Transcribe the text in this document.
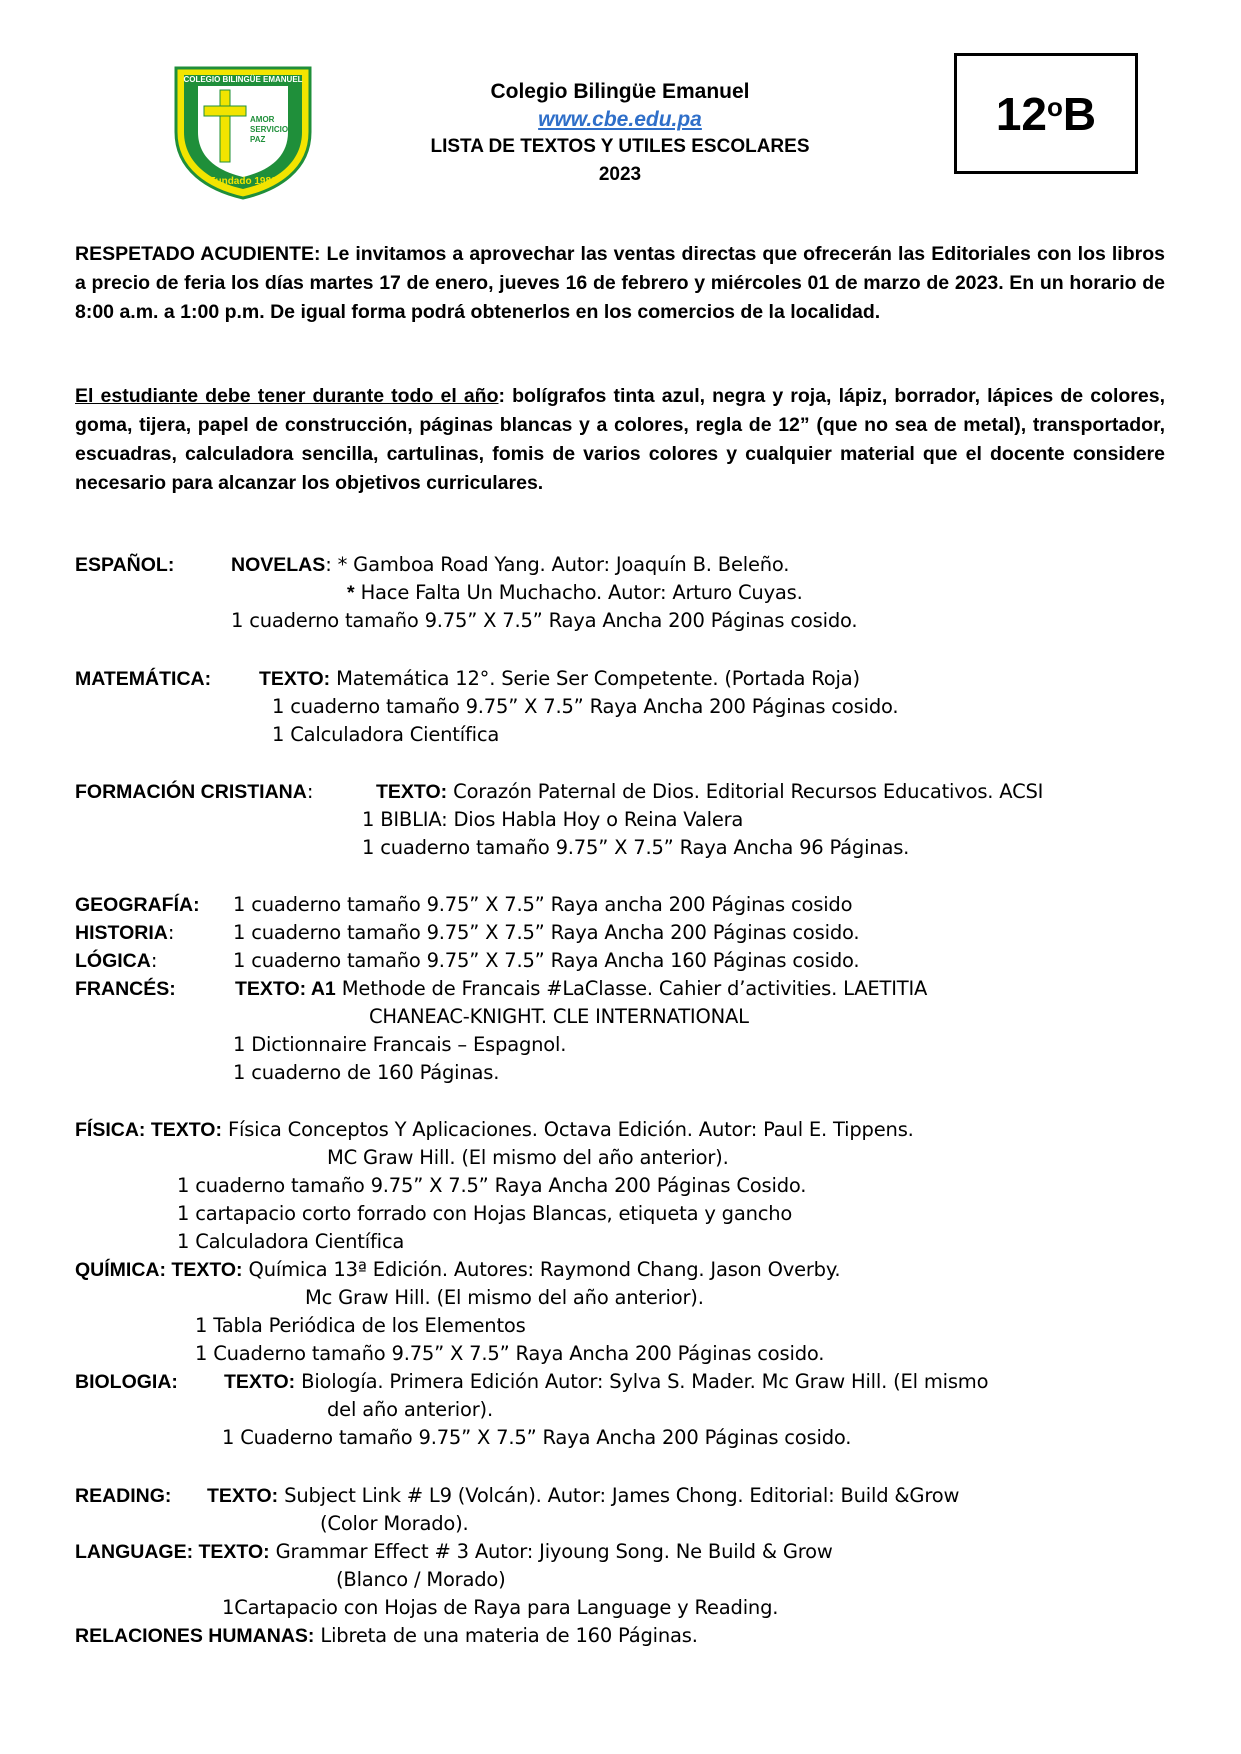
COLEGIO BILINGÜE EMANUEL
AMOR
SERVICIO
PAZ
Fundado 1986
Colegio Bilingüe Emanuel
www.cbe.edu.pa
LISTA DE TEXTOS Y UTILES ESCOLARES
2023
12$^o$ B
RESPETADO ACUDIENTE: Le invitamos a aprovechar las ventas directas que ofrecerán las Editoriales con los libros a precio de feria los días martes 17 de enero, jueves 16 de febrero y miércoles 01 de marzo de 2023. En un horario de 8:00 a.m. a 1:00 p.m. De igual forma podrá obtenerlos en los comercios de la localidad.
El estudiante debe tener durante todo el año: bolígrafos tinta azul, negra y roja, lápiz, borrador, lápices de colores, goma, tijera, papel de construcción, páginas blancas y a colores, regla de 12” (que no sea de metal), transportador, escuadras, calculadora sencilla, cartulinas, fomis de varios colores y cualquier material que el docente considere necesario para alcanzar los objetivos curriculares.
ESPAÑOL:	NOVELAS: * Gamboa Road Yang. Autor: Joaquín B. Beleño.
* Hace Falta Un Muchacho. Autor: Arturo Cuyas.
1 cuaderno tamaño 9.75” X 7.5” Raya Ancha 200 Páginas cosido.
MATEMÁTICA: TEXTO: Matemática 12°. Serie Ser Competente. (Portada Roja)
1 cuaderno tamaño 9.75” X 7.5” Raya Ancha 200 Páginas cosido.
1 Calculadora Científica
FORMACIÓN CRISTIANA:	TEXTO: Corazón Paternal de Dios. Editorial Recursos Educativos. ACSI
1 BIBLIA: Dios Habla Hoy o Reina Valera
1 cuaderno tamaño 9.75” X 7.5” Raya Ancha 96 Páginas.
GEOGRAFÍA: 1 cuaderno tamaño 9.75” X 7.5” Raya ancha 200 Páginas cosido
HISTORIA:	1 cuaderno tamaño 9.75” X 7.5” Raya Ancha 200 Páginas cosido.
LÓGICA:	1 cuaderno tamaño 9.75” X 7.5” Raya Ancha 160 Páginas cosido.
FRANCÉS:	TEXTO: A1 Methode de Francais #LaClasse. Cahier d’activities. LAETITIA
CHANEAC-KNIGHT. CLE INTERNATIONAL
1 Dictionnaire Francais – Espagnol.
1 cuaderno de 160 Páginas.
FÍSICA: TEXTO: Física Conceptos Y Aplicaciones. Octava Edición. Autor: Paul E. Tippens.
MC Graw Hill. (El mismo del año anterior).
1 cuaderno tamaño 9.75” X 7.5” Raya Ancha 200 Páginas Cosido.
1 cartapacio corto forrado con Hojas Blancas, etiqueta y gancho
1 Calculadora Científica
QUÍMICA: TEXTO: Química 13ª Edición. Autores: Raymond Chang. Jason Overby.
Mc Graw Hill. (El mismo del año anterior).
1 Tabla Periódica de los Elementos
1 Cuaderno tamaño 9.75” X 7.5” Raya Ancha 200 Páginas cosido.
BIOLOGIA: TEXTO: Biología. Primera Edición Autor: Sylva S. Mader. Mc Graw Hill. (El mismo
del año anterior).
1 Cuaderno tamaño 9.75” X 7.5” Raya Ancha 200 Páginas cosido.
READING: TEXTO: Subject Link # L9 (Volcán). Autor: James Chong. Editorial: Build &Grow
(Color Morado).
LANGUAGE: TEXTO: Grammar Effect # 3 Autor: Jiyoung Song. Ne Build & Grow
(Blanco / Morado)
1Cartapacio con Hojas de Raya para Language y Reading.
RELACIONES HUMANAS: Libreta de una materia de 160 Páginas.
